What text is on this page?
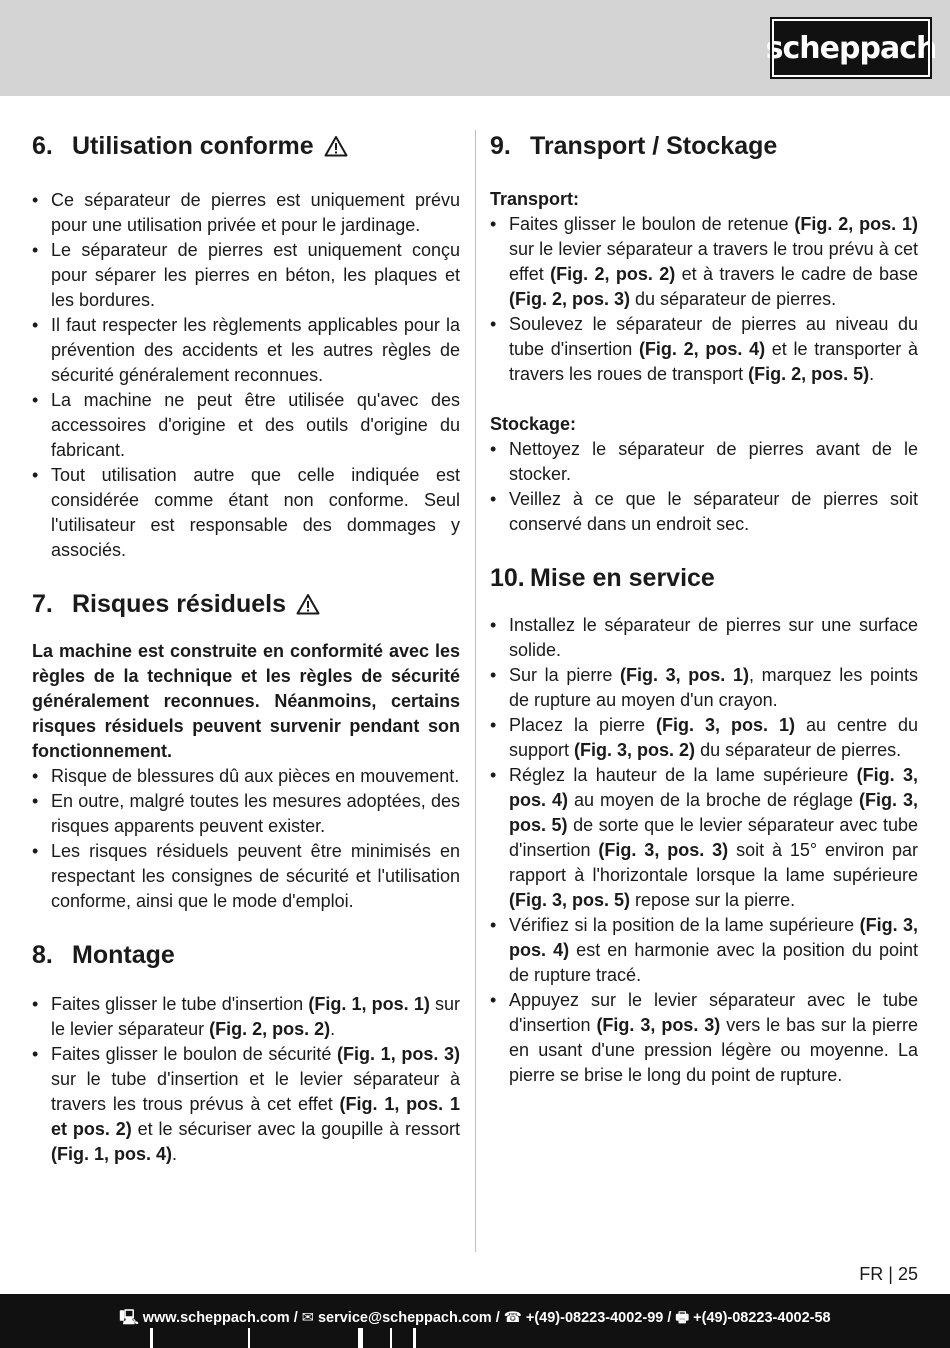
scheppach
6. Utilisation conforme
• Ce séparateur de pierres est uniquement prévu pour une utilisation privée et pour le jardinage.
• Le séparateur de pierres est uniquement conçu pour séparer les pierres en béton, les plaques et les bordures.
• Il faut respecter les règlements applicables pour la prévention des accidents et les autres règles de sécurité généralement reconnues.
• La machine ne peut être utilisée qu'avec des accessoires d'origine et des outils d'origine du fabricant.
• Tout utilisation autre que celle indiquée est considérée comme étant non conforme. Seul l'utilisateur est responsable des dommages y associés.
7. Risques résiduels

La machine est construite en conformité avec les règles de la technique et les règles de sécurité généralement reconnues. Néanmoins, certains risques résiduels peuvent survenir pendant son fonctionnement.

• Risque de blessures dû aux pièces en mouvement.
• En outre, malgré toutes les mesures adoptées, des risques apparents peuvent exister.
• Les risques résiduels peuvent être minimisés en respectant les consignes de sécurité et l'utilisation conforme, ainsi que le mode d'emploi.
8. Montage
• Faites glisser le tube d'insertion (Fig. 1, pos. 1) sur le levier séparateur (Fig. 2, pos. 2).
• Faites glisser le boulon de sécurité (Fig. 1, pos. 3) sur le tube d'insertion et le levier séparateur à travers les trous prévus à cet effet (Fig. 1, pos. 1 et pos. 2) et le sécuriser avec la goupille à ressort (Fig. 1, pos. 4).
9. Transport / Stockage

Transport:

• Faites glisser le boulon de retenue (Fig. 2, pos. 1) sur le levier séparateur a travers le trou prévu à cet effet (Fig. 2, pos. 2) et à travers le cadre de base (Fig. 2, pos. 3) du séparateur de pierres.
• Soulevez le séparateur de pierres au niveau du tube d'insertion (Fig. 2, pos. 4) et le transporter à travers les roues de transport (Fig. 2, pos. 5).

Stockage:

• Nettoyez le séparateur de pierres avant de le stocker.
• Veillez à ce que le séparateur de pierres soit conservé dans un endroit sec.
10. Mise en service
• Installez le séparateur de pierres sur une surface solide.
• Sur la pierre (Fig. 3, pos. 1), marquez les points de rupture au moyen d'un crayon.
• Placez la pierre (Fig. 3, pos. 1) au centre du support (Fig. 3, pos. 2) du séparateur de pierres.
• Réglez la hauteur de la lame supérieure (Fig. 3, pos. 4) au moyen de la broche de réglage (Fig. 3, pos. 5) de sorte que le levier séparateur avec tube d'insertion (Fig. 3, pos. 3) soit à 15° environ par rapport à l'horizontale lorsque la lame supérieure (Fig. 3, pos. 5) repose sur la pierre.
• Vérifiez si la position de la lame supérieure (Fig. 3, pos. 4) est en harmonie avec la position du point de rupture tracé.
• Appuyez sur le levier séparateur avec le tube d'insertion (Fig. 3, pos. 3) vers le bas sur la pierre en usant d'une pression légère ou moyenne. La pierre se brise le long du point de rupture.
FR | 25
🖳 www.scheppach.com / ✉ service@scheppach.com / ☎ +(49)-08223-4002-99 / 🖶 +(49)-08223-4002-58
